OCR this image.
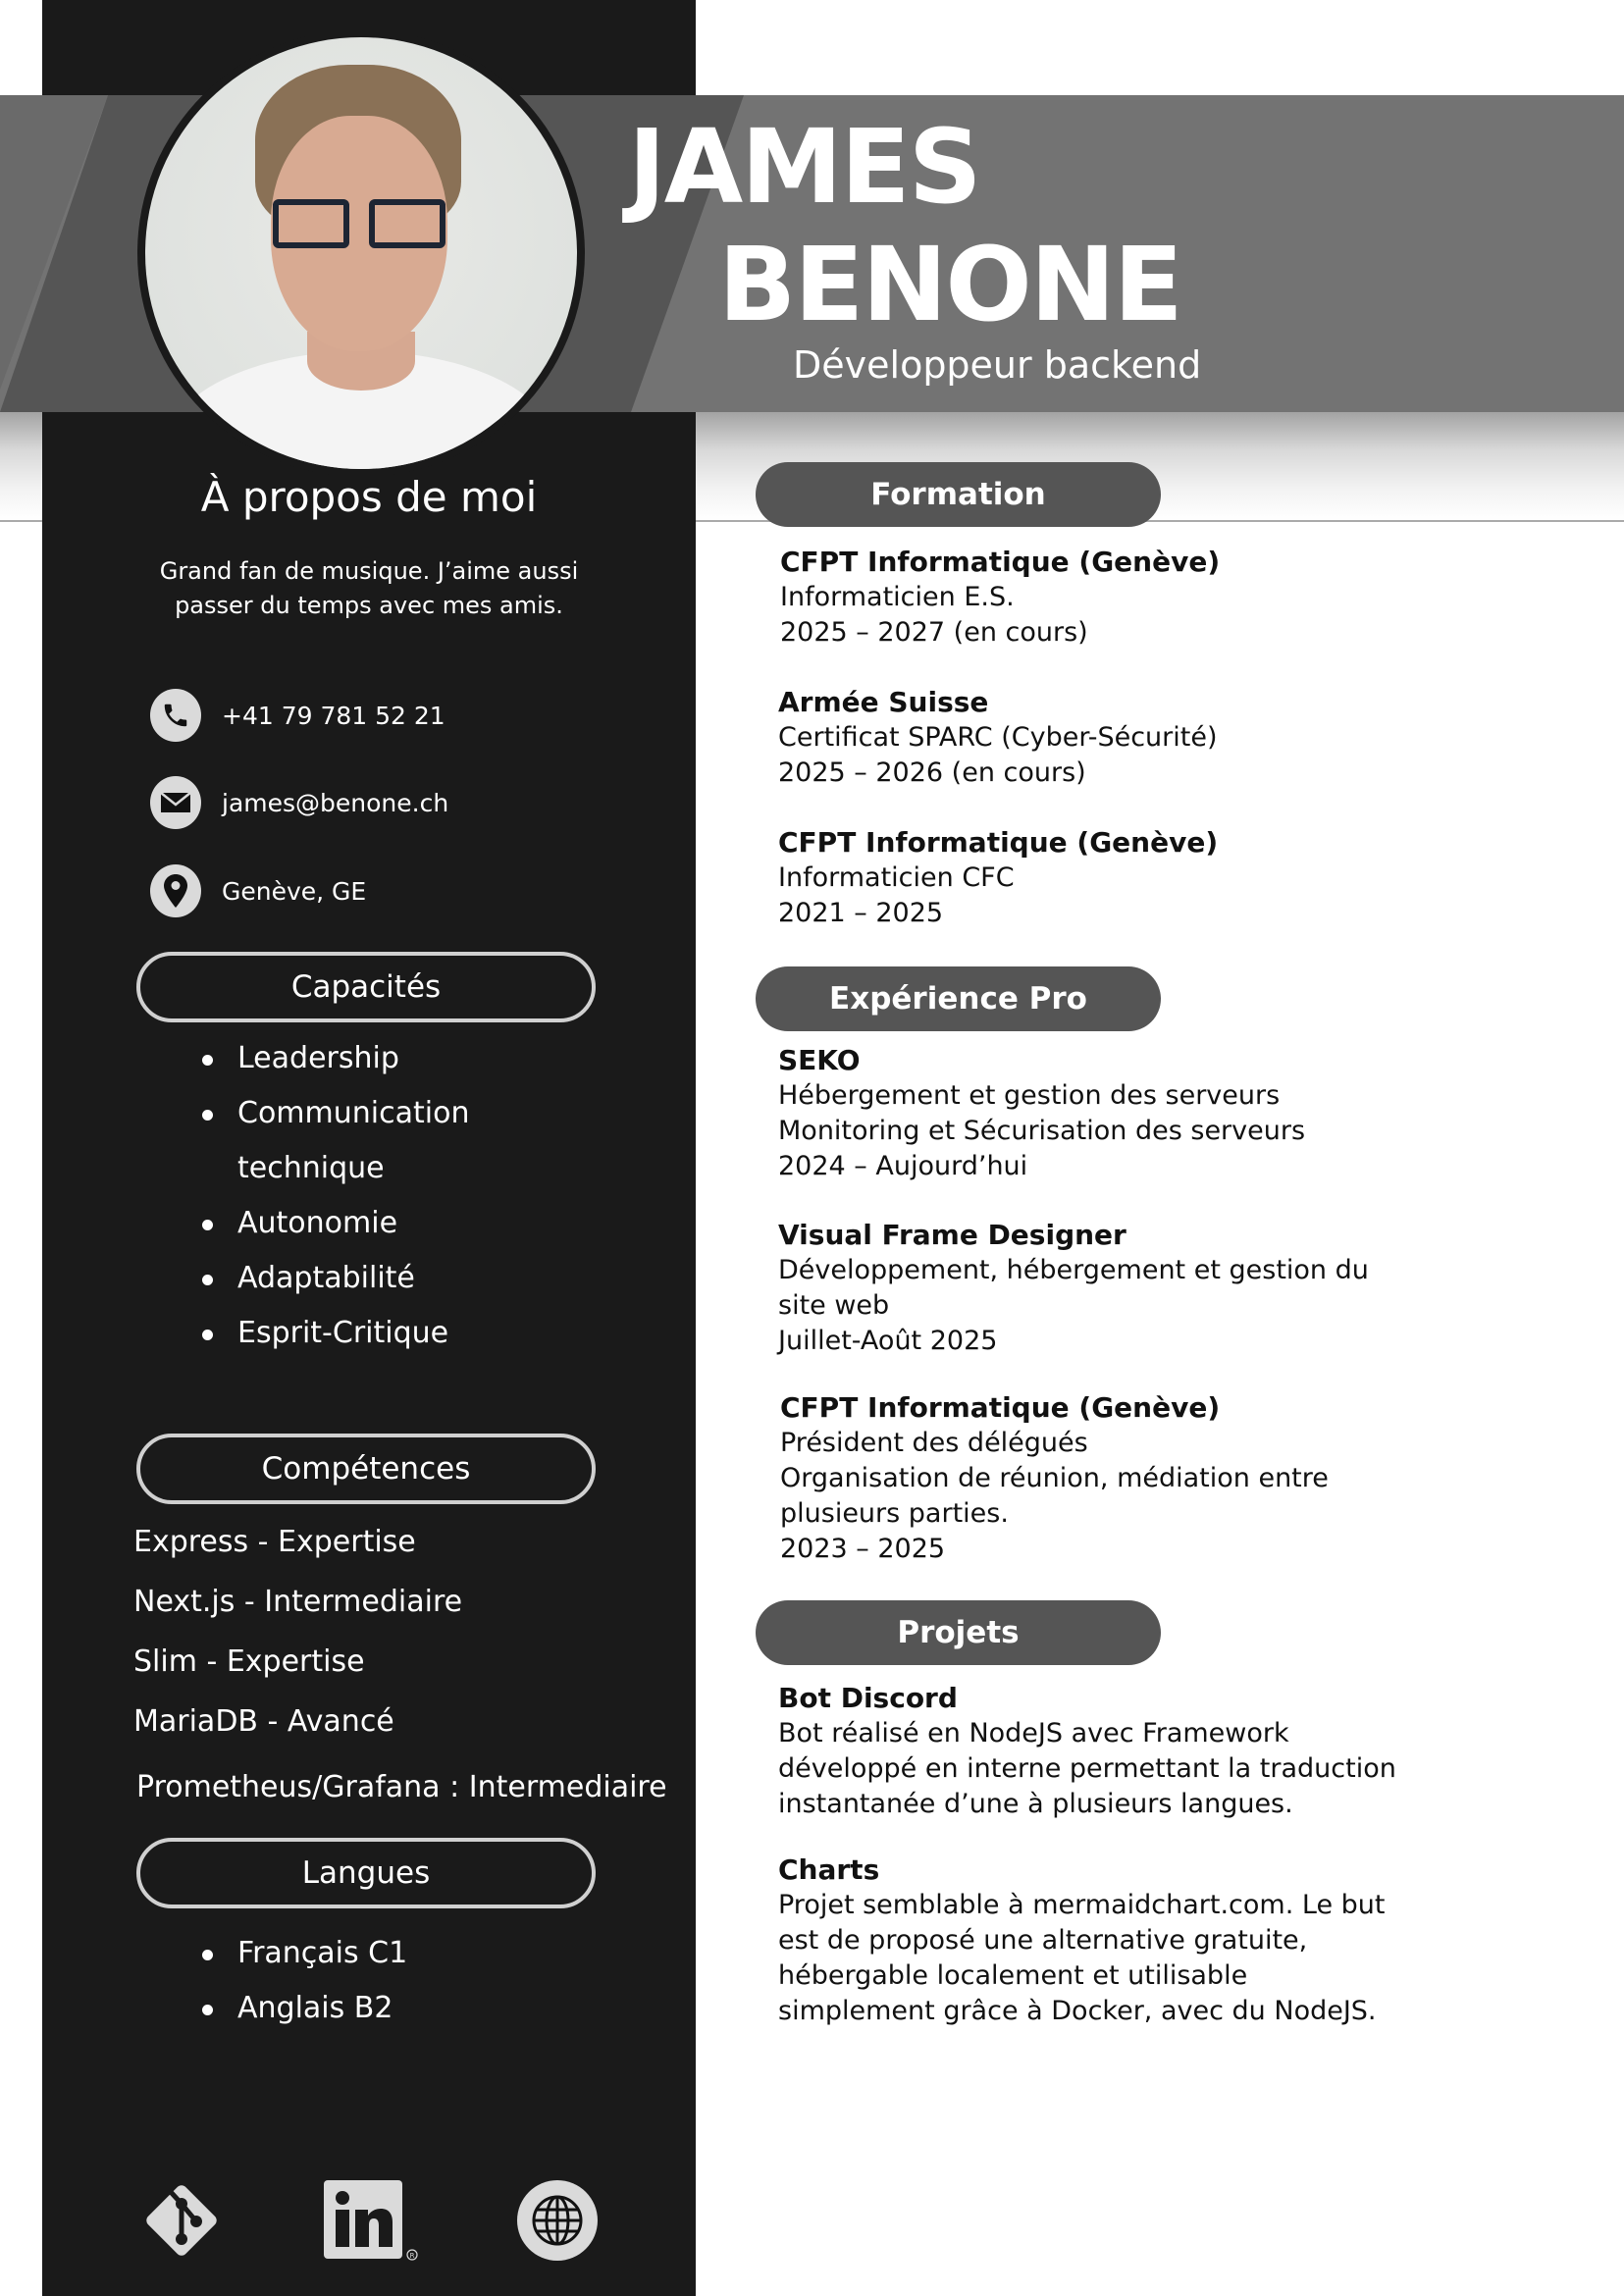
JAMES
BENONE
Développeur backend
À propos de moi
Grand fan de musique. J’aime aussi
passer du temps avec mes amis.
+41 79 781 52 21
james@benone.ch
Genève, GE
Capacités
Leadership
Communication
technique
Autonomie
Adaptabilité
Esprit-Critique
Compétences
Express - Expertise
Next.js - Intermediaire
Slim - Expertise
MariaDB - Avancé
Prometheus/Grafana : Intermediaire
Langues
Français C1
Anglais B2
R
Formation
CFPT Informatique (Genève)
Informaticien E.S.
2025 – 2027 (en cours)
Armée Suisse
Certificat SPARC (Cyber-Sécurité)
2025 – 2026 (en cours)
CFPT Informatique (Genève)
Informaticien CFC
2021 – 2025
Expérience Pro
SEKO
Hébergement et gestion des serveurs
Monitoring et Sécurisation des serveurs
2024 – Aujourd’hui
Visual Frame Designer
Développement, hébergement et gestion du
site web
Juillet-Août 2025
CFPT Informatique (Genève)
Président des délégués
Organisation de réunion, médiation entre
plusieurs parties.
2023 – 2025
Projets
Bot Discord
Bot réalisé en NodeJS avec Framework
développé en interne permettant la traduction
instantanée d’une à plusieurs langues.
Charts
Projet semblable à mermaidchart.com. Le but
est de proposé une alternative gratuite,
hébergable localement et utilisable
simplement grâce à Docker, avec du NodeJS.
